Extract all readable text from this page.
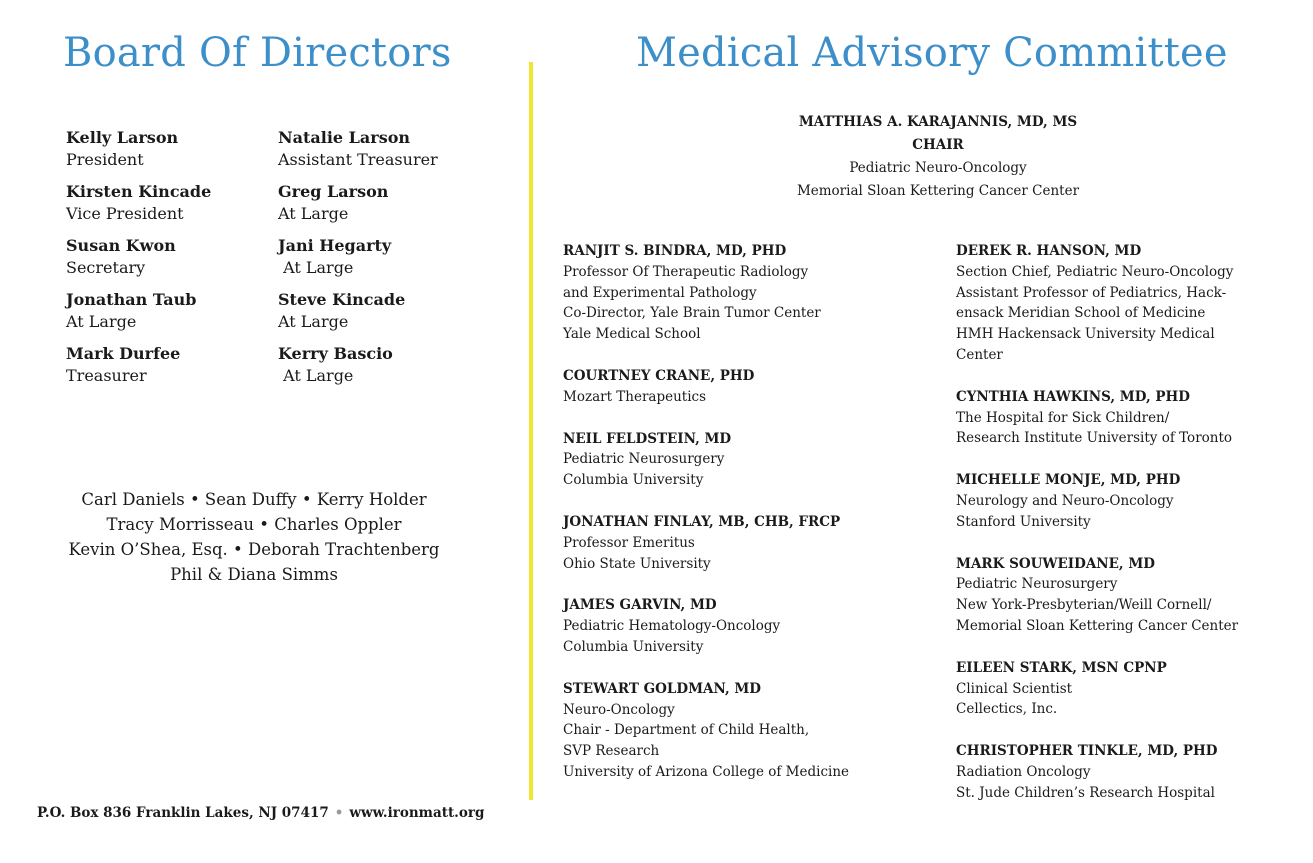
Board Of Directors	Medical Advisory Committee
Kelly Larson
President
Kirsten Kincade
Vice President
Susan Kwon
Secretary
Jonathan Taub
At Large
Mark Durfee
Treasurer
Natalie Larson
Assistant Treasurer
Greg Larson
At Large
Jani Hegarty
At Large
Steve Kincade
At Large
Kerry Bascio
At Large
Carl Daniels • Sean Duffy • Kerry Holder
Tracy Morrisseau • Charles Oppler
Kevin O’Shea, Esq. • Deborah Trachtenberg
Phil & Diana Simms
P.O. Box 836 Franklin Lakes, NJ 07417 • www.ironmatt.org
MATTHIAS A. KARAJANNIS, MD, MS
CHAIR
Pediatric Neuro-Oncology
Memorial Sloan Kettering Cancer Center
RANJIT S. BINDRA, MD, PHD
Professor Of Therapeutic Radiology
and Experimental Pathology
Co-Director, Yale Brain Tumor Center
Yale Medical School
COURTNEY CRANE, PHD
Mozart Therapeutics
NEIL FELDSTEIN, MD
Pediatric Neurosurgery
Columbia University
JONATHAN FINLAY, MB, CHB, FRCP
Professor Emeritus
Ohio State University
JAMES GARVIN, MD
Pediatric Hematology-Oncology
Columbia University
STEWART GOLDMAN, MD
Neuro-Oncology
Chair - Department of Child Health,
SVP Research
University of Arizona College of Medicine
DEREK R. HANSON, MD
Section Chief, Pediatric Neuro-Oncology
Assistant Professor of Pediatrics, Hack-
ensack Meridian School of Medicine
HMH Hackensack University Medical
Center
CYNTHIA HAWKINS, MD, PHD
The Hospital for Sick Children/
Research Institute University of Toronto
MICHELLE MONJE, MD, PHD
Neurology and Neuro-Oncology
Stanford University
MARK SOUWEIDANE, MD
Pediatric Neurosurgery
New York-Presbyterian/Weill Cornell/
Memorial Sloan Kettering Cancer Center
EILEEN STARK, MSN CPNP
Clinical Scientist
Cellectics, Inc.
CHRISTOPHER TINKLE, MD, PHD
Radiation Oncology
St. Jude Children’s Research Hospital
